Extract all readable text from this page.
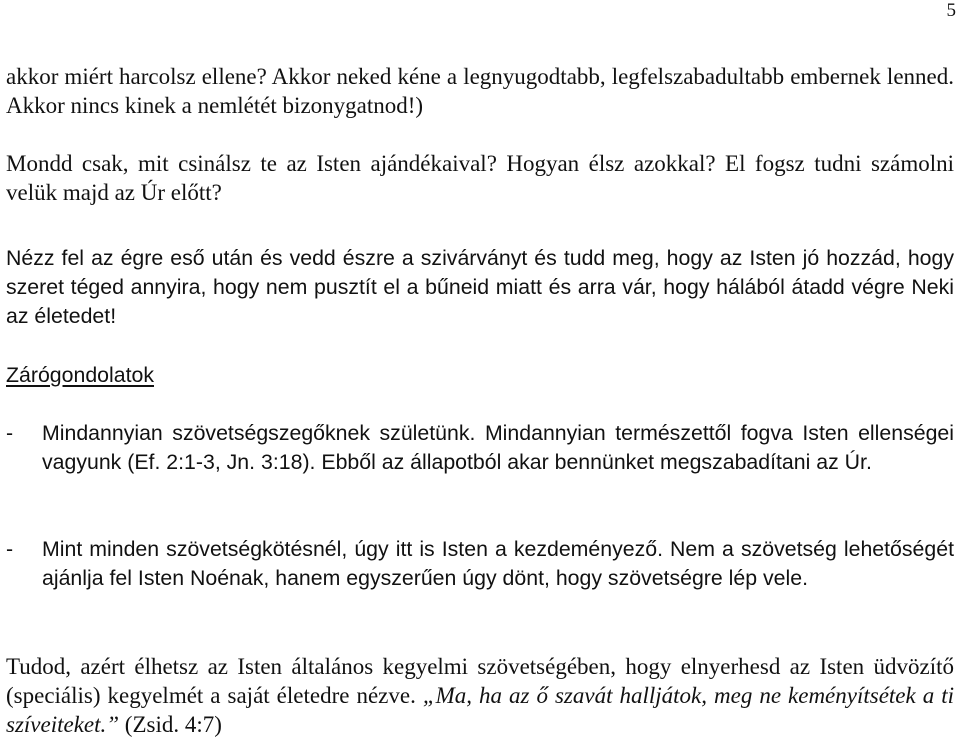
5

akkor miért harcolsz ellene? Akkor neked kéne a legnyugodtabb, legfelszabadultabb embernek lenned. Akkor nincs kinek a nemlétét bizonygatnod!)

Mondd csak, mit csinálsz te az Isten ajándékaival? Hogyan élsz azokkal? El fogsz tudni számolni velük majd az Úr előtt?

Nézz fel az égre eső után és vedd észre a szivárványt és tudd meg, hogy az Isten jó hozzád, hogy szeret téged annyira, hogy nem pusztít el a bűneid miatt és arra vár, hogy hálából átadd végre Neki az életedet!

Zárógondolatok
- Mindannyian szövetségszegőknek születünk. Mindannyian természettől fogva Isten ellenségei vagyunk (Ef. 2:1-3, Jn. 3:18). Ebből az állapotból akar bennünket megszabadítani az Úr.
- Mint minden szövetségkötésnél, úgy itt is Isten a kezdeményező. Nem a szövetség lehetőségét ajánlja fel Isten Noénak, hanem egyszerűen úgy dönt, hogy szövetségre lép vele.

Tudod, azért élhetsz az Isten általános kegyelmi szövetségében, hogy elnyerhesd az Isten üdvözítő (speciális) kegyelmét a saját életedre nézve. „Ma, ha az ő szavát halljátok, meg ne keményítsétek a ti szíveiteket.” (Zsid. 4:7)
